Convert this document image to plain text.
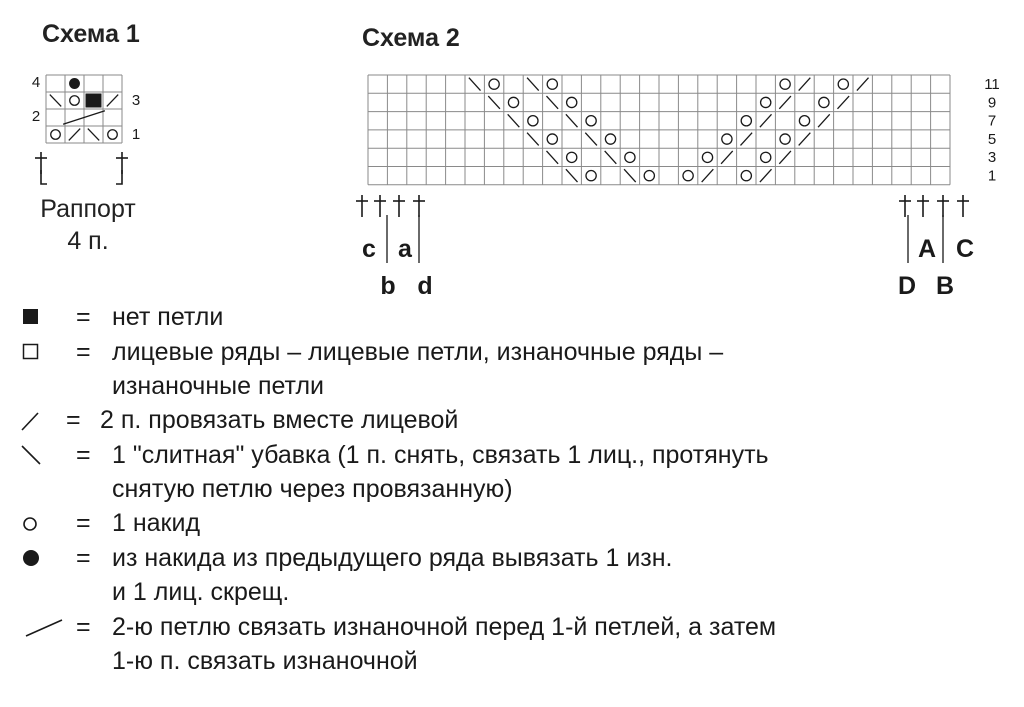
Схема 1	Схема 2
4
3
2
1
11
9
7
5
3
1
c a
b d
A C
D B
Раппорт
4 п.
= нет петли
= лицевые ряды – лицевые петли, изнаночные ряды –
изнаночные петли
= 2 п. провязать вместе лицевой
= 1 "слитная" убавка (1 п. снять, связать 1 лиц., протянуть
снятую петлю через провязанную)
= 1 накид
= из накида из предыдущего ряда вывязать 1 изн.
и 1 лиц. скрещ.
= 2-ю петлю связать изнаночной перед 1-й петлей, а затем
1-ю п. связать изнаночной
